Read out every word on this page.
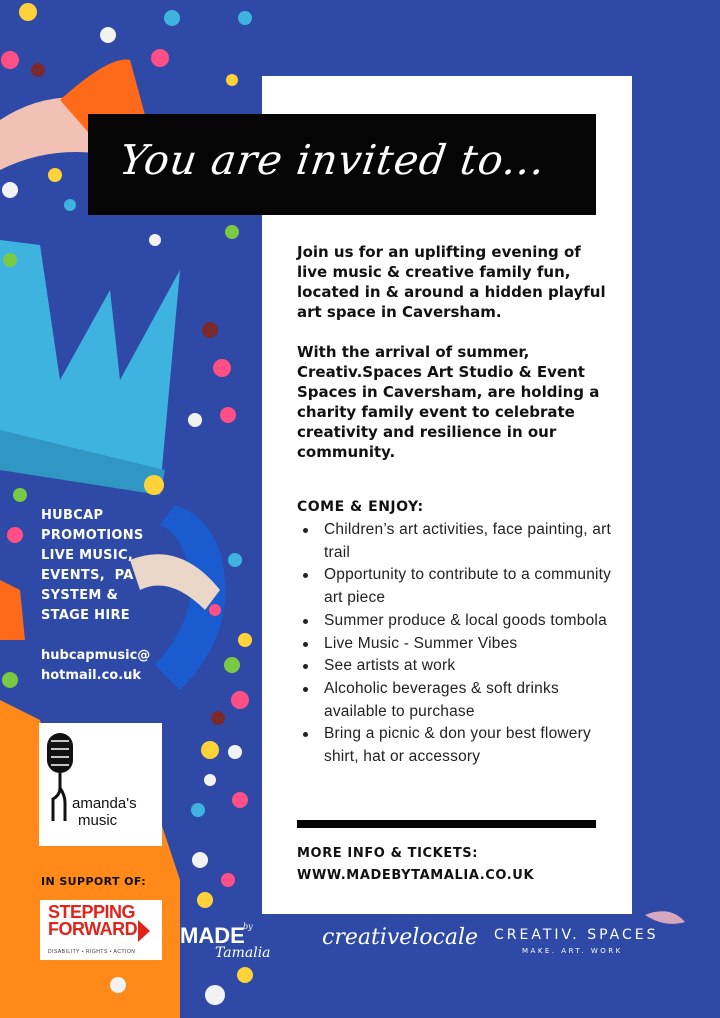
You are invited to...

Join us for an uplifting evening of live music & creative family fun, located in & around a hidden playful art space in Caversham.

With the arrival of summer, Creativ.Spaces Art Studio & Event Spaces in Caversham, are holding a charity family event to celebrate creativity and resilience in our community.

COME & ENJOY:
Children’s art activities, face painting, art trail
Opportunity to contribute to a community art piece
Summer produce & local goods tombola
Live Music - Summer Vibes
See artists at work
Alcoholic beverages & soft drinks available to purchase
Bring a picnic & don your best flowery shirt, hat or accessory
MORE INFO & TICKETS:
WWW.MADEBYTAMALIA.CO.UK
HUBCAP
PROMOTIONS
LIVE MUSIC,
EVENTS,  PA
SYSTEM &
STAGE HIRE
hubcapmusic@
hotmail.co.uk
amanda's
music
IN SUPPORT OF:
STEPPING
FORWARD
DISABILITY • RIGHTS • ACTION
MADE
by
Tamalia
creativelocale CREATIV. SPACES
MAKE. ART. WORK
